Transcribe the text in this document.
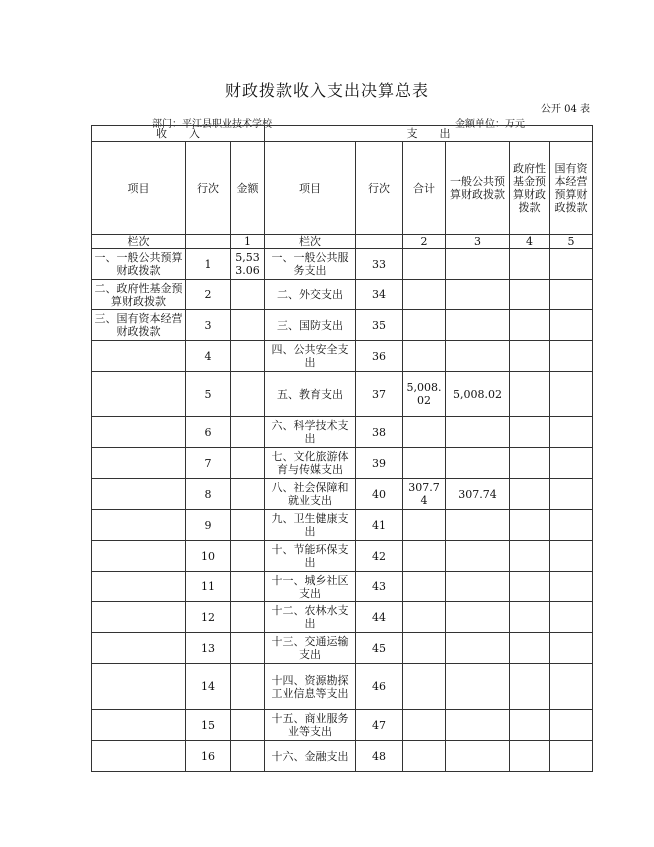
财政拨款收入支出决算总表
公开 04 表
部门：平江县职业技术学校	金额单位：万元
收　　入			支　　出					
项目	行次	金额	项目	行次	合计	一般公共预算财政拨款	政府性基金预算财政拨款	国有资本经营预算财政拨款
栏次		1	栏次		2	3	4	5
一、一般公共预算财政拨款	1	5,533.06	一、一般公共服务支出	33				
二、政府性基金预算财政拨款	2		二、外交支出	34				
三、国有资本经营财政拨款	3		三、国防支出	35				
	4		四、公共安全支出	36				
	5		五、教育支出	37	5,008.02	5,008.02		
	6		六、科学技术支出	38				
	7		七、文化旅游体育与传媒支出	39				
	8		八、社会保障和就业支出	40	307.74	307.74		
	9		九、卫生健康支出	41				
	10		十、节能环保支出	42				
	11		十一、城乡社区支出	43				
	12		十二、农林水支出	44				
	13		十三、交通运输支出	45				
	14		十四、资源勘探工业信息等支出	46				
	15		十五、商业服务业等支出	47				
	16		十六、金融支出	48				
